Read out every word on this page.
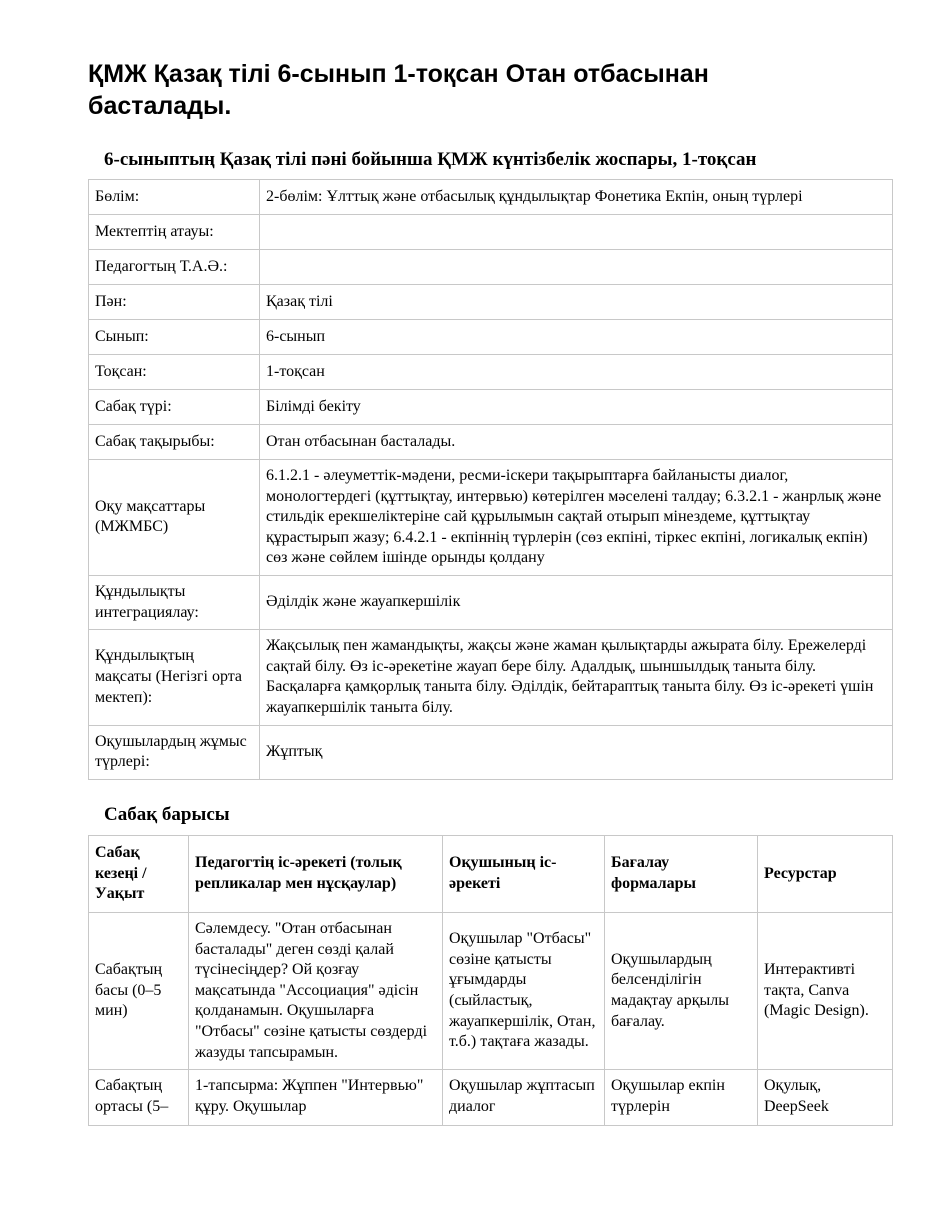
ҚМЖ Қазақ тілі 6-сынып 1-тоқсан Отан отбасынан басталады.
6-сыныптың Қазақ тілі пәні бойынша ҚМЖ күнтізбелік жоспары, 1-тоқсан
Бөлім:	2-бөлім: Ұлттық және отбасылық құндылықтар Фонетика Екпін, оның түрлері
Мектептің атауы:	
Педагогтың Т.А.Ә.:	
Пән:	Қазақ тілі
Сынып:	6-сынып
Тоқсан:	1-тоқсан
Сабақ түрі:	Білімді бекіту
Сабақ тақырыбы:	Отан отбасынан басталады.
Оқу мақсаттары (МЖМБС)	6.1.2.1 - әлеуметтік-мәдени, ресми-іскери тақырыптарға байланысты диалог, монологтердегі (құттықтау, интервью) көтерілген мәселені талдау; 6.3.2.1 - жанрлық және стильдік ерекшеліктеріне сай құрылымын сақтай отырып мінездеме, құттықтау құрастырып жазу; 6.4.2.1 - екпіннің түрлерін (сөз екпіні, тіркес екпіні, логикалық екпін) сөз және сөйлем ішінде орынды қолдану
Құндылықты интеграциялау:	Әділдік және жауапкершілік
Құндылықтың мақсаты (Негізгі орта мектеп):	Жақсылық пен жамандықты, жақсы және жаман қылықтарды ажырата білу. Ережелерді сақтай білу. Өз іс-әрекетіне жауап бере білу. Адалдық, шыншылдық таныта білу. Басқаларға қамқорлық таныта білу. Әділдік, бейтараптық таныта білу. Өз іс-әрекеті үшін жауапкершілік таныта білу.
Оқушылардың жұмыс түрлері:	Жұптық
Сабақ барысы
Сабақ кезеңі / Уақыт	Педагогтің іс-әрекеті (толық репликалар мен нұсқаулар)	Оқушының іс-әрекеті	Бағалау формалары	Ресурстар
Сабақтың басы (0–5 мин)	Сәлемдесу. "Отан отбасынан басталады" деген сөзді қалай түсінесіңдер? Ой қозғау мақсатында "Ассоциация" әдісін қолданамын. Оқушыларға "Отбасы" сөзіне қатысты сөздерді жазуды тапсырамын.	Оқушылар "Отбасы" сөзіне қатысты ұғымдарды (сыйластық, жауапкершілік, Отан, т.б.) тақтаға жазады.	Оқушылардың белсенділігін мадақтау арқылы бағалау.	Интерактивті тақта, Canva (Magic Design).
Сабақтың ортасы (5–	1-тапсырма: Жұппен "Интервью" құру. Оқушылар	Оқушылар жұптасып диалог	Оқушылар екпін түрлерін	Оқулық, DeepSeek
